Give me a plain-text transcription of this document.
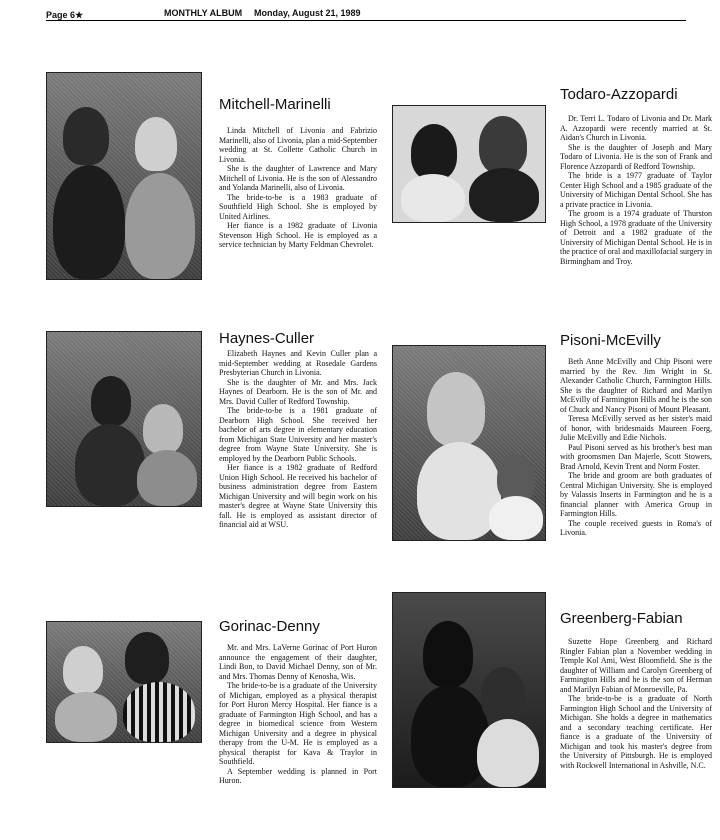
Page 6★	MONTHLY ALBUM Monday, August 21, 1989
Mitchell-Marinelli

Linda Mitchell of Livonia and Fabrizio Marinelli, also of Livonia, plan a mid-September wedding at St. Collette Catholic Church in Livonia.

She is the daughter of Lawrence and Mary Mitchell of Livonia. He is the son of Alessandro and Yolanda Marinelli, also of Livonia.

The bride-to-be is a 1983 graduate of Southfield High School. She is employed by United Airlines.

Her fiance is a 1982 graduate of Livonia Stevenson High School. He is employed as a service technician by Marty Feldman Chevrolet.

Todaro-Azzopardi

Dr. Terri L. Todaro of Livonia and Dr. Mark A. Azzopardi were recently married at St. Aidan's Church in Livonia.

She is the daughter of Joseph and Mary Todaro of Livonia. He is the son of Frank and Florence Azzopardi of Redford Township.

The bride is a 1977 graduate of Taylor Center High School and a 1985 graduate of the University of Michigan Dental School. She has a private practice in Livonia.

The groom is a 1974 graduate of Thurston High School, a 1978 graduate of the University of Detroit and a 1982 graduate of the University of Michigan Dental School. He is in the practice of oral and maxillofacial surgery in Birmingham and Troy.

Haynes-Culler

Elizabeth Haynes and Kevin Culler plan a mid-September wedding at Rosedale Gardens Presbyterian Church in Livonia.

She is the daughter of Mr. and Mrs. Jack Haynes of Dearborn. He is the son of Mr. and Mrs. David Culler of Redford Township.

The bride-to-be is a 1981 graduate of Dearborn High School. She received her bachelor of arts degree in elementary education from Michigan State University and her master's degree from Wayne State University. She is employed by the Dearborn Public Schools.

Her fiance is a 1982 graduate of Redford Union High School. He received his bachelor of business administration degree from Eastern Michigan University and will begin work on his master's degree at Wayne State University this fall. He is employed as assistant director of financial aid at WSU.

Pisoni-McEvilly

Beth Anne McEvilly and Chip Pisoni were married by the Rev. Jim Wright in St. Alexander Catholic Church, Farmington Hills. She is the daughter of Richard and Marilyn McEvilly of Farmington Hills and he is the son of Chuck and Nancy Pisoni of Mount Pleasant.

Teresa McEvilly served as her sister's maid of honor, with bridesmaids Maureen Foerg, Julie McEvilly and Edie Nichols.

Paul Pisoni served as his brother's best man with groomsmen Dan Majerle, Scott Stowers, Brad Arnold, Kevin Trent and Norm Foster.

The bride and groom are both graduates of Central Michigan University. She is employed by Valassis Inserts in Farmington and he is a financial planner with America Group in Farmington Hills.

The couple received guests in Roma's of Livonia.

Gorinac-Denny

Mr. and Mrs. LaVerne Gorinac of Port Huron announce the engagement of their daughter, Lindi Bon, to David Michael Denny, son of Mr. and Mrs. Thomas Denny of Kenosha, Wis.

The bride-to-be is a graduate of the University of Michigan, employed as a physical therapist for Port Huron Mercy Hospital. Her fiance is a graduate of Farmington High School, and has a degree in biomedical science from Western Michigan University and a degree in physical therapy from the U-M. He is employed as a physical therapist for Kava & Traylor in Southfield.

A September wedding is planned in Port Huron.

Greenberg-Fabian

Suzette Hope Greenberg and Richard Ringler Fabian plan a November wedding in Temple Kol Ami, West Bloomfield. She is the daughter of William and Carolyn Greenberg of Farmington Hills and he is the son of Herman and Marilyn Fabian of Monroeville, Pa.

The bride-to-be is a graduate of North Farmington High School and the University of Michigan. She holds a degree in mathematics and a secondary teaching certificate. Her fiance is a graduate of the University of Michigan and took his master's degree from the University of Pittsburgh. He is employed with Rockwell International in Ashville, N.C.
